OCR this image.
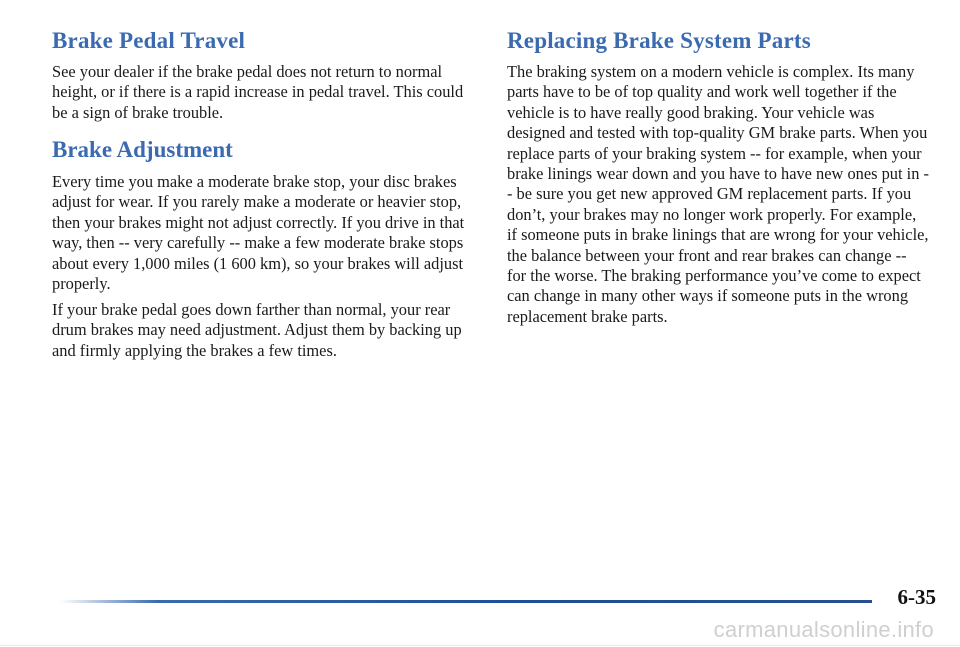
Brake Pedal Travel

See your dealer if the brake pedal does not return to normal height, or if there is a rapid increase in pedal travel. This could be a sign of brake trouble.

Brake Adjustment

Every time you make a moderate brake stop, your disc brakes adjust for wear. If you rarely make a moderate or heavier stop, then your brakes might not adjust correctly. If you drive in that way, then -- very carefully -- make a few moderate brake stops about every 1,000 miles (1 600 km), so your brakes will adjust properly.

If your brake pedal goes down farther than normal, your rear drum brakes may need adjustment. Adjust them by backing up and firmly applying the brakes a few times.

Replacing Brake System Parts

The braking system on a modern vehicle is complex. Its many parts have to be of top quality and work well together if the vehicle is to have really good braking. Your vehicle was designed and tested with top-quality GM brake parts. When you replace parts of your braking system -- for example, when your brake linings wear down and you have to have new ones put in -- be sure you get new approved GM replacement parts. If you don’t, your brakes may no longer work properly. For example, if someone puts in brake linings that are wrong for your vehicle, the balance between your front and rear brakes can change -- for the worse. The braking performance you’ve come to expect can change in many other ways if someone puts in the wrong replacement brake parts.

6-35
carmanualsonline.info
